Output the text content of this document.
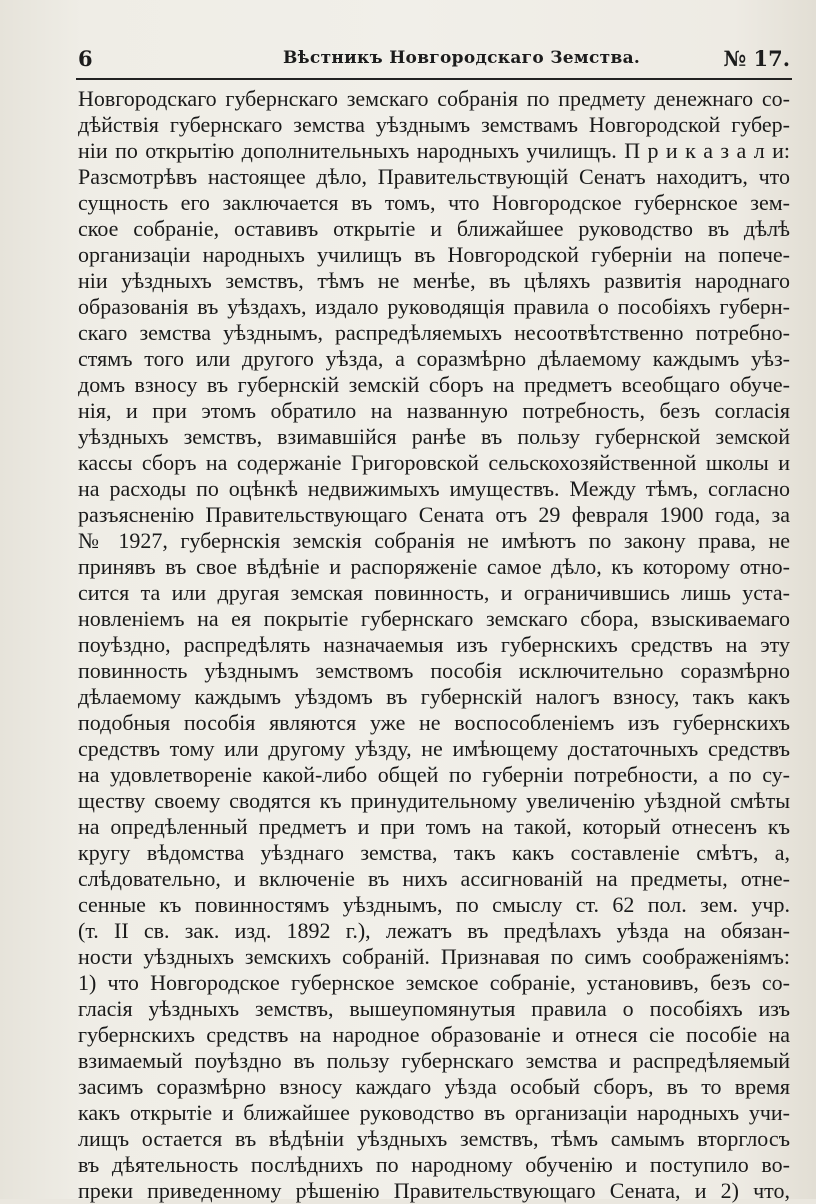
6	Вѣстникъ Новгородскаго Земства.	№ 17.
Новгородскаго губернскаго земскаго собранія по предмету денежнаго со-
дѣйствія губернскаго земства уѣзднымъ земствамъ Новгородской губер-
ніи по открытію дополнительныхъ народныхъ училищъ. П р и к а з а л и:
Разсмотрѣвъ настоящее дѣло, Правительствующій Сенатъ находитъ, что
сущность его заключается въ томъ, что Новгородское губернское зем-
ское собраніе, оставивъ открытіе и ближайшее руководство въ дѣлѣ
организаціи народныхъ училищъ въ Новгородской губерніи на попече-
ніи уѣздныхъ земствъ, тѣмъ не менѣе, въ цѣляхъ развитія народнаго
образованія въ уѣздахъ, издало руководящія правила о пособіяхъ губерн-
скаго земства уѣзднымъ, распредѣляемыхъ несоотвѣтственно потребно-
стямъ того или другого уѣзда, а соразмѣрно дѣлаемому каждымъ уѣз-
домъ взносу въ губернскій земскій сборъ на предметъ всеобщаго обуче-
нія, и при этомъ обратило на названную потребность, безъ согласія
уѣздныхъ земствъ, взимавшійся ранѣе въ пользу губернской земской
кассы сборъ на содержаніе Григоровской сельскохозяйственной школы и
на расходы по оцѣнкѣ недвижимыхъ имуществъ. Между тѣмъ, согласно
разъясненію Правительствующаго Сената отъ 29 февраля 1900 года, за
№ 1927, губернскія земскія собранія не имѣютъ по закону права, не
принявъ въ свое вѣдѣніе и распоряженіе самое дѣло, къ которому отно-
сится та или другая земская повинность, и ограничившись лишь уста-
новленіемъ на ея покрытіе губернскаго земскаго сбора, взыскиваемаго
поуѣздно, распредѣлять назначаемыя изъ губернскихъ средствъ на эту
повинность уѣзднымъ земствомъ пособія исключительно соразмѣрно
дѣлаемому каждымъ уѣздомъ въ губернскій налогъ взносу, такъ какъ
подобныя пособія являются уже не воспособленіемъ изъ губернскихъ
средствъ тому или другому уѣзду, не имѣющему достаточныхъ средствъ
на удовлетвореніе какой-либо общей по губерніи потребности, а по су-
ществу своему сводятся къ принудительному увеличенію уѣздной смѣты
на опредѣленный предметъ и при томъ на такой, который отнесенъ къ
кругу вѣдомства уѣзднаго земства, такъ какъ составленіе смѣтъ, а,
слѣдовательно, и включеніе въ нихъ ассигнованій на предметы, отне-
сенные къ повинностямъ уѣзднымъ, по смыслу ст. 62 пол. зем. учр.
(т. II св. зак. изд. 1892 г.), лежатъ въ предѣлахъ уѣзда на обязан-
ности уѣздныхъ земскихъ собраній. Признавая по симъ соображеніямъ:
1) что Новгородское губернское земское собраніе, установивъ, безъ со-
гласія уѣздныхъ земствъ, вышеупомянутыя правила о пособіяхъ изъ
губернскихъ средствъ на народное образованіе и отнеся сіе пособіе на
взимаемый поуѣздно въ пользу губернскаго земства и распредѣляемый
засимъ соразмѣрно взносу каждаго уѣзда особый сборъ, въ то время
какъ открытіе и ближайшее руководство въ организаціи народныхъ учи-
лищъ остается въ вѣдѣніи уѣздныхъ земствъ, тѣмъ самымъ вторглосъ
въ дѣятельность послѣднихъ по народному обученію и поступило во-
преки приведенному рѣшенію Правительствующаго Сената, и 2) что,
